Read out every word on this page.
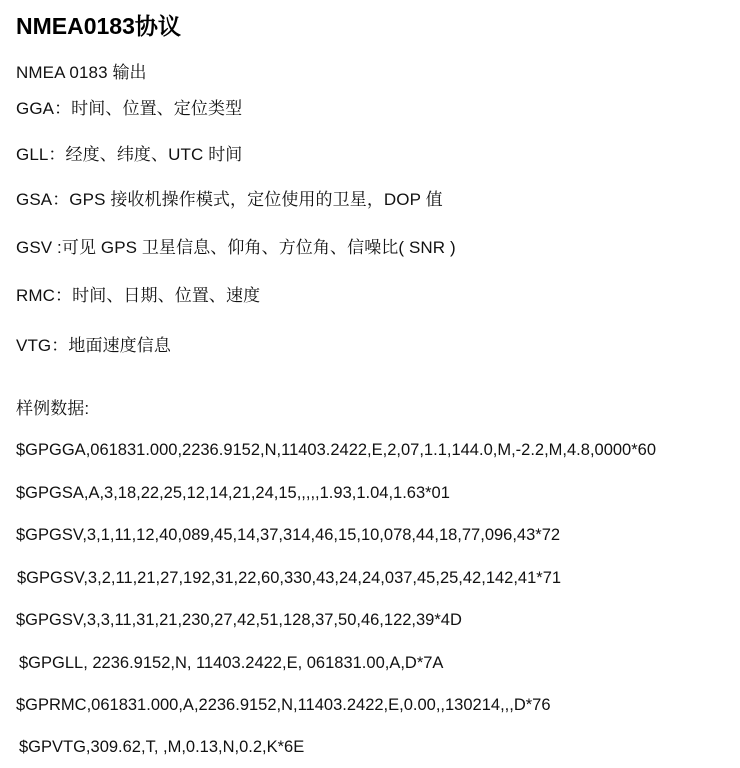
NMEA0183协议
NMEA 0183 输出
GGA：时间、位置、定位类型
GLL：经度、纬度、UTC 时间
GSA：GPS 接收机操作模式，定位使用的卫星，DOP 值
GSV :可见 GPS 卫星信息、仰角、方位角、信噪比( SNR )
RMC：时间、日期、位置、速度
VTG：地面速度信息
样例数据:
$GPGGA,061831.000,2236.9152,N,11403.2422,E,2,07,1.1,144.0,M,-2.2,M,4.8,0000*60
$GPGSA,A,3,18,22,25,12,14,21,24,15,,,,,1.93,1.04,1.63*01
$GPGSV,3,1,11,12,40,089,45,14,37,314,46,15,10,078,44,18,77,096,43*72
$GPGSV,3,2,11,21,27,192,31,22,60,330,43,24,24,037,45,25,42,142,41*71
$GPGSV,3,3,11,31,21,230,27,42,51,128,37,50,46,122,39*4D
$GPGLL, 2236.9152,N, 11403.2422,E, 061831.00,A,D*7A
$GPRMC,061831.000,A,2236.9152,N,11403.2422,E,0.00,,130214,,,D*76
$GPVTG,309.62,T, ,M,0.13,N,0.2,K*6E
